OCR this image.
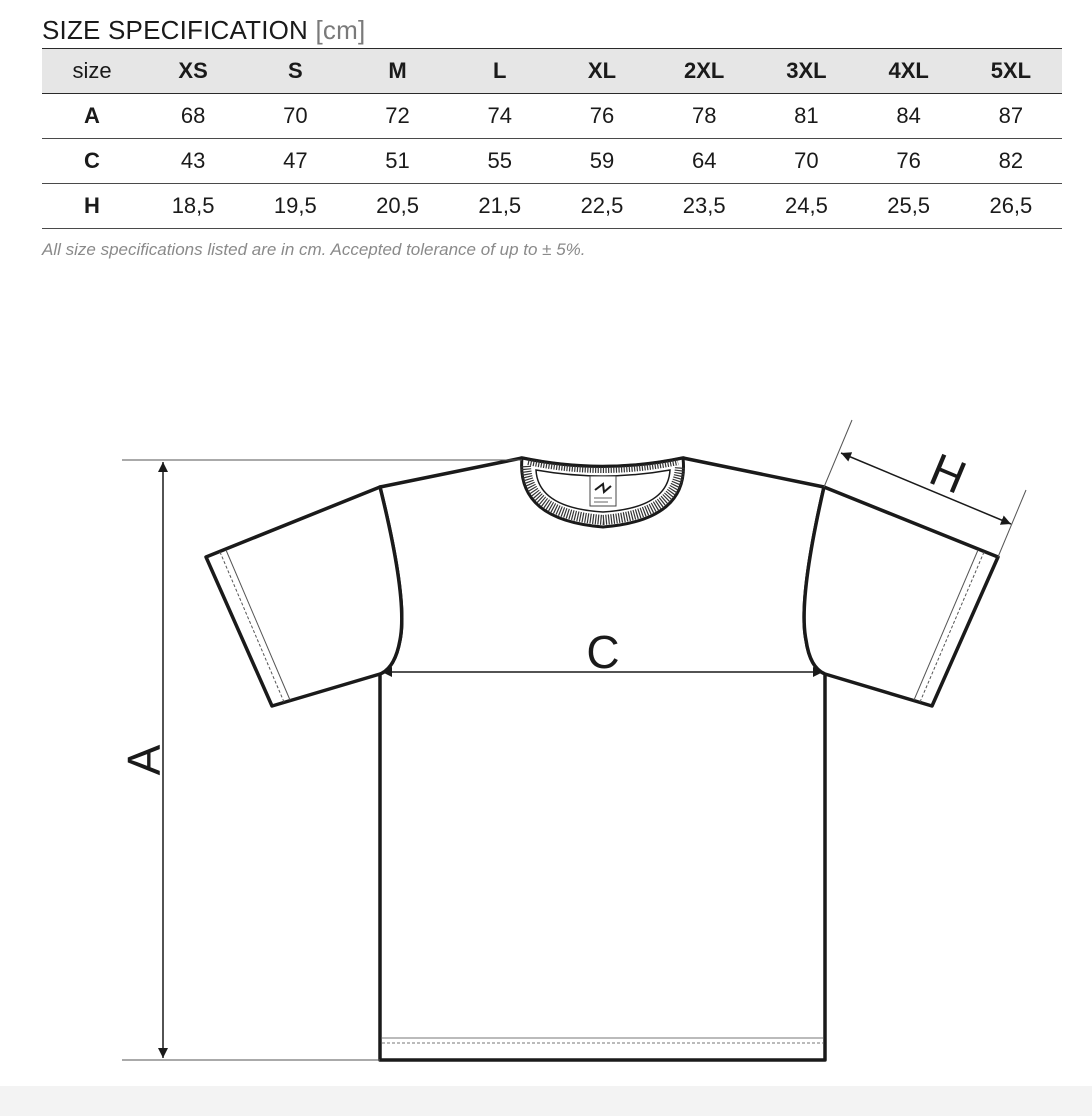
SIZE SPECIFICATION [cm]
size	XS	S	M	L	XL	2XL	3XL	4XL	5XL
A	68	70	72	74	76	78	81	84	87
C	43	47	51	55	59	64	70	76	82
H	18,5	19,5	20,5	21,5	22,5	23,5	24,5	25,5	26,5

All size specifications listed are in cm. Accepted tolerance of up to ± 5%.

A
C
H
